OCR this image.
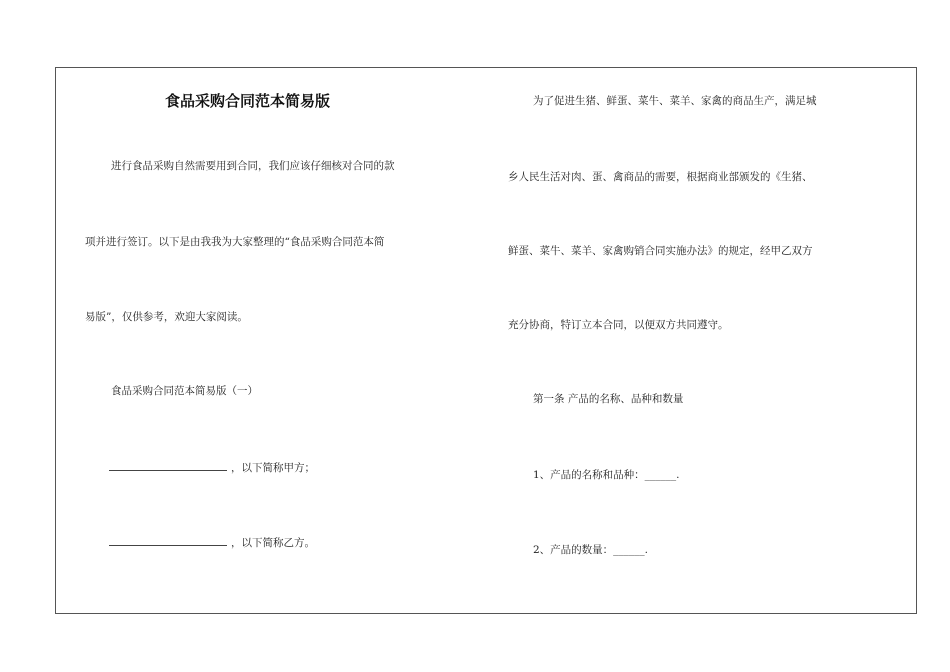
食品采购合同范本简易版
进行食品采购自然需要用到合同，我们应该仔细核对合同的款
项并进行签订。以下是由我我为大家整理的“食品采购合同范本简
易版”，仅供参考，欢迎大家阅读。
食品采购合同范本简易版（一）
，以下简称甲方；
，以下简称乙方。
为了促进生猪、鲜蛋、菜牛、菜羊、家禽的商品生产，满足城
乡人民生活对肉、蛋、禽商品的需要，根据商业部颁发的《生猪、
鲜蛋、菜牛、菜羊、家禽购销合同实施办法》的规定，经甲乙双方
充分协商，特订立本合同，以便双方共同遵守。
第一条 产品的名称、品种和数量
1、产品的名称和品种：______.
2、产品的数量：______.
